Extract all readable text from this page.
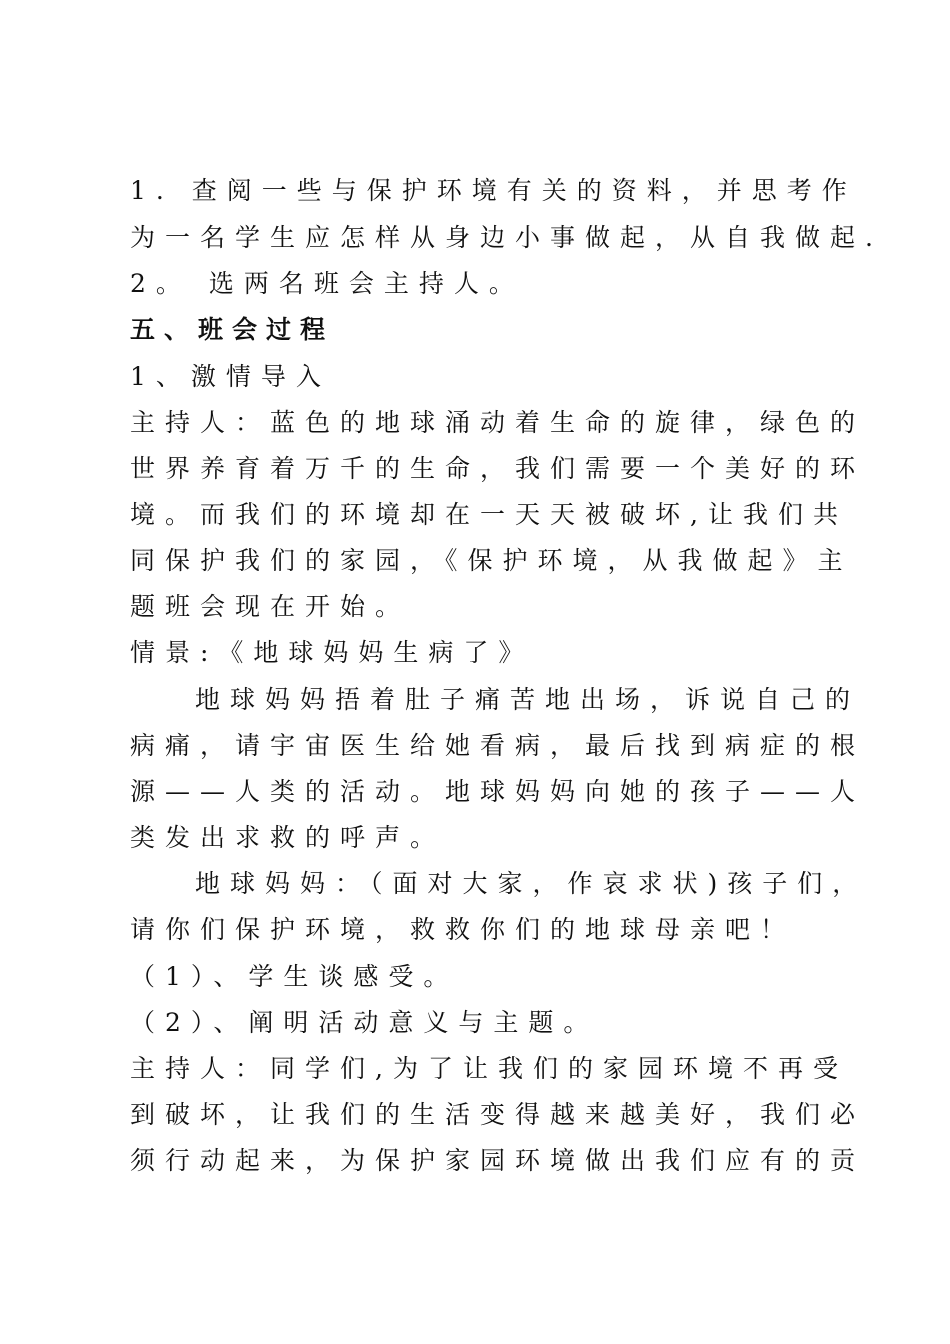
1. 查阅一些与保护环境有关的资料，并思考作
为一名学生应怎样从身边小事做起，从自我做起.
2。 选两名班会主持人。
五、班会过程
1、激情导入
主持人：蓝色的地球涌动着生命的旋律，绿色的
世界养育着万千的生命，我们需要一个美好的环
境。而我们的环境却在一天天被破坏,让我们共
同保护我们的家园，《保护环境，从我做起》主
题班会现在开始。
情景:《地球妈妈生病了》
地球妈妈捂着肚子痛苦地出场，诉说自己的
病痛，请宇宙医生给她看病，最后找到病症的根
源——人类的活动。地球妈妈向她的孩子——人
类发出求救的呼声。
地球妈妈：（面对大家，作哀求状)孩子们，
请你们保护环境，救救你们的地球母亲吧！
（1）、学生谈感受。
（2）、阐明活动意义与主题。
主持人：同学们,为了让我们的家园环境不再受
到破坏，让我们的生活变得越来越美好，我们必
须行动起来，为保护家园环境做出我们应有的贡
